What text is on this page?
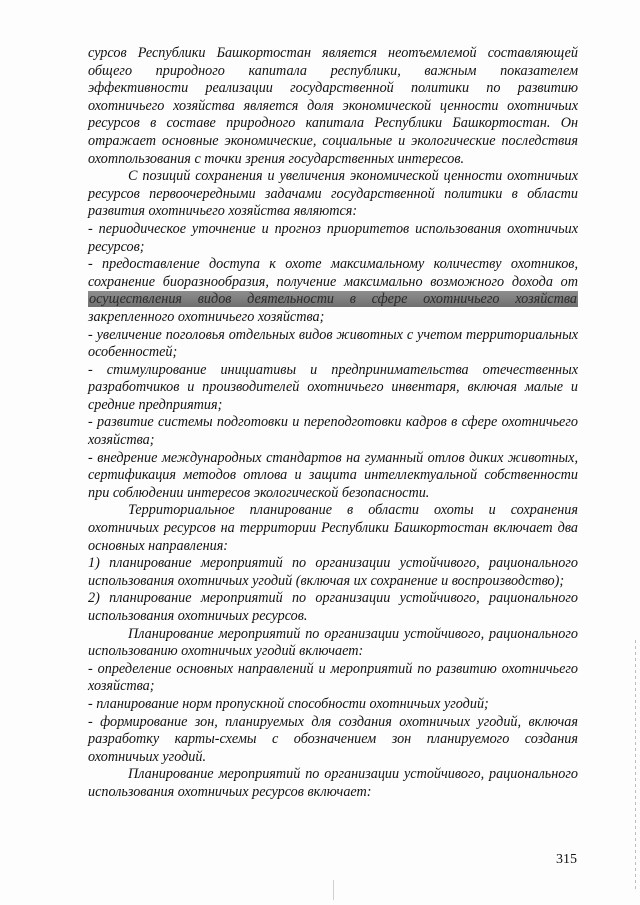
сурсов Республики Башкортостан является неотъемлемой составляющей общего природного капитала республики, важным показателем эффективности реализации государственной политики по развитию охотничьего хозяйства является доля экономической ценности охотничьих ресурсов в составе природного капитала Республики Башкортостан. Он отражает основные экономические, социальные и экологические последствия охотпользования с точки зрения государственных интересов.

С позиций сохранения и увеличения экономической ценности охотничьих ресурсов первоочередными задачами государственной политики в области развития охотничьего хозяйства являются:

- периодическое уточнение и прогноз приоритетов использования охотничьих ресурсов;

- предоставление доступа к охоте максимальному количеству охотников, сохранение биоразнообразия, получение максимально возможного дохода от осуществления видов деятельности в сфере охотничьего хозяйства закрепленного охотничьего хозяйства;

- увеличение поголовья отдельных видов животных с учетом территориальных особенностей;

- стимулирование инициативы и предпринимательства отечественных разработчиков и производителей охотничьего инвентаря, включая малые и средние предприятия;

- развитие системы подготовки и переподготовки кадров в сфере охотничьего хозяйства;

- внедрение международных стандартов на гуманный отлов диких животных, сертификация методов отлова и защита интеллектуальной собственности при соблюдении интересов экологической безопасности.

Территориальное планирование в области охоты и сохранения охотничьих ресурсов на территории Республики Башкортостан включает два основных направления:

1) планирование мероприятий по организации устойчивого, рационального использования охотничьих угодий (включая их сохранение и воспроизводство);

2) планирование мероприятий по организации устойчивого, рационального использования охотничьих ресурсов.

Планирование мероприятий по организации устойчивого, рационального использованию охотничьих угодий включает:

- определение основных направлений и мероприятий по развитию охотничьего хозяйства;

- планирование норм пропускной способности охотничьих угодий;

- формирование зон, планируемых для создания охотничьих угодий, включая разработку карты-схемы с обозначением зон планируемого создания охотничьих угодий.

Планирование мероприятий по организации устойчивого, рационального использования охотничьих ресурсов включает:

315
